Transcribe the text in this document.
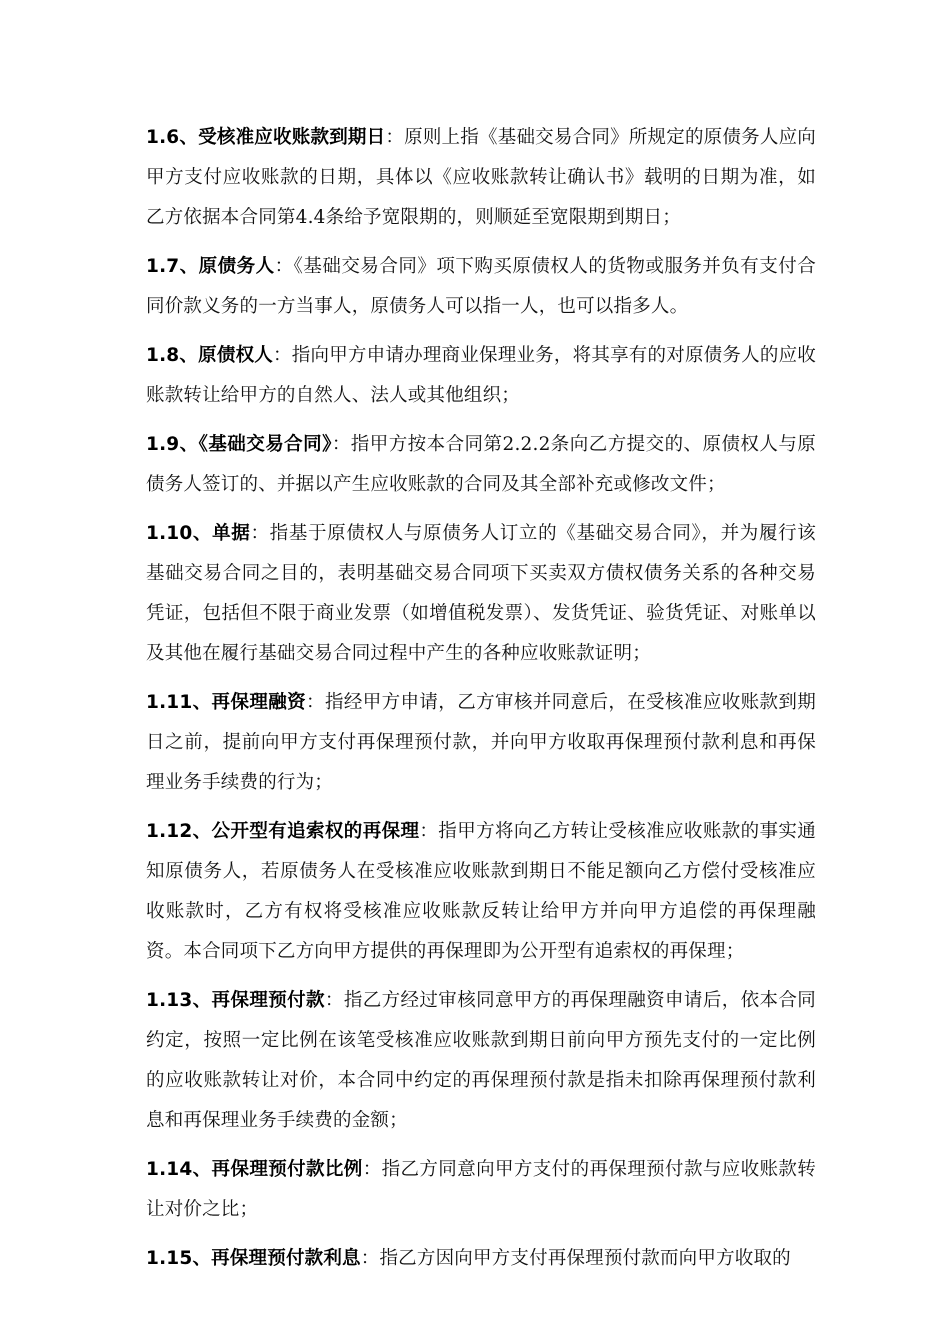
1.6、受核准应收账款到期日：原则上指《基础交易合同》所规定的原债务人应向甲方支付应收账款的日期，具体以《应收账款转让确认书》载明的日期为准，如乙方依据本合同第4.4条给予宽限期的，则顺延至宽限期到期日；

1.7、原债务人：《基础交易合同》项下购买原债权人的货物或服务并负有支付合同价款义务的一方当事人，原债务人可以指一人，也可以指多人。

1.8、原债权人：指向甲方申请办理商业保理业务，将其享有的对原债务人的应收账款转让给甲方的自然人、法人或其他组织；

1.9、《基础交易合同》：指甲方按本合同第2.2.2条向乙方提交的、原债权人与原债务人签订的、并据以产生应收账款的合同及其全部补充或修改文件；

1.10、单据：指基于原债权人与原债务人订立的《基础交易合同》，并为履行该基础交易合同之目的，表明基础交易合同项下买卖双方债权债务关系的各种交易凭证，包括但不限于商业发票（如增值税发票）、发货凭证、验货凭证、对账单以及其他在履行基础交易合同过程中产生的各种应收账款证明；

1.11、再保理融资：指经甲方申请，乙方审核并同意后，在受核准应收账款到期日之前，提前向甲方支付再保理预付款，并向甲方收取再保理预付款利息和再保理业务手续费的行为；

1.12、公开型有追索权的再保理：指甲方将向乙方转让受核准应收账款的事实通知原债务人，若原债务人在受核准应收账款到期日不能足额向乙方偿付受核准应收账款时，乙方有权将受核准应收账款反转让给甲方并向甲方追偿的再保理融资。本合同项下乙方向甲方提供的再保理即为公开型有追索权的再保理；

1.13、再保理预付款：指乙方经过审核同意甲方的再保理融资申请后，依本合同约定，按照一定比例在该笔受核准应收账款到期日前向甲方预先支付的一定比例的应收账款转让对价，本合同中约定的再保理预付款是指未扣除再保理预付款利息和再保理业务手续费的金额；

1.14、再保理预付款比例：指乙方同意向甲方支付的再保理预付款与应收账款转让对价之比；

1.15、再保理预付款利息：指乙方因向甲方支付再保理预付款而向甲方收取的
